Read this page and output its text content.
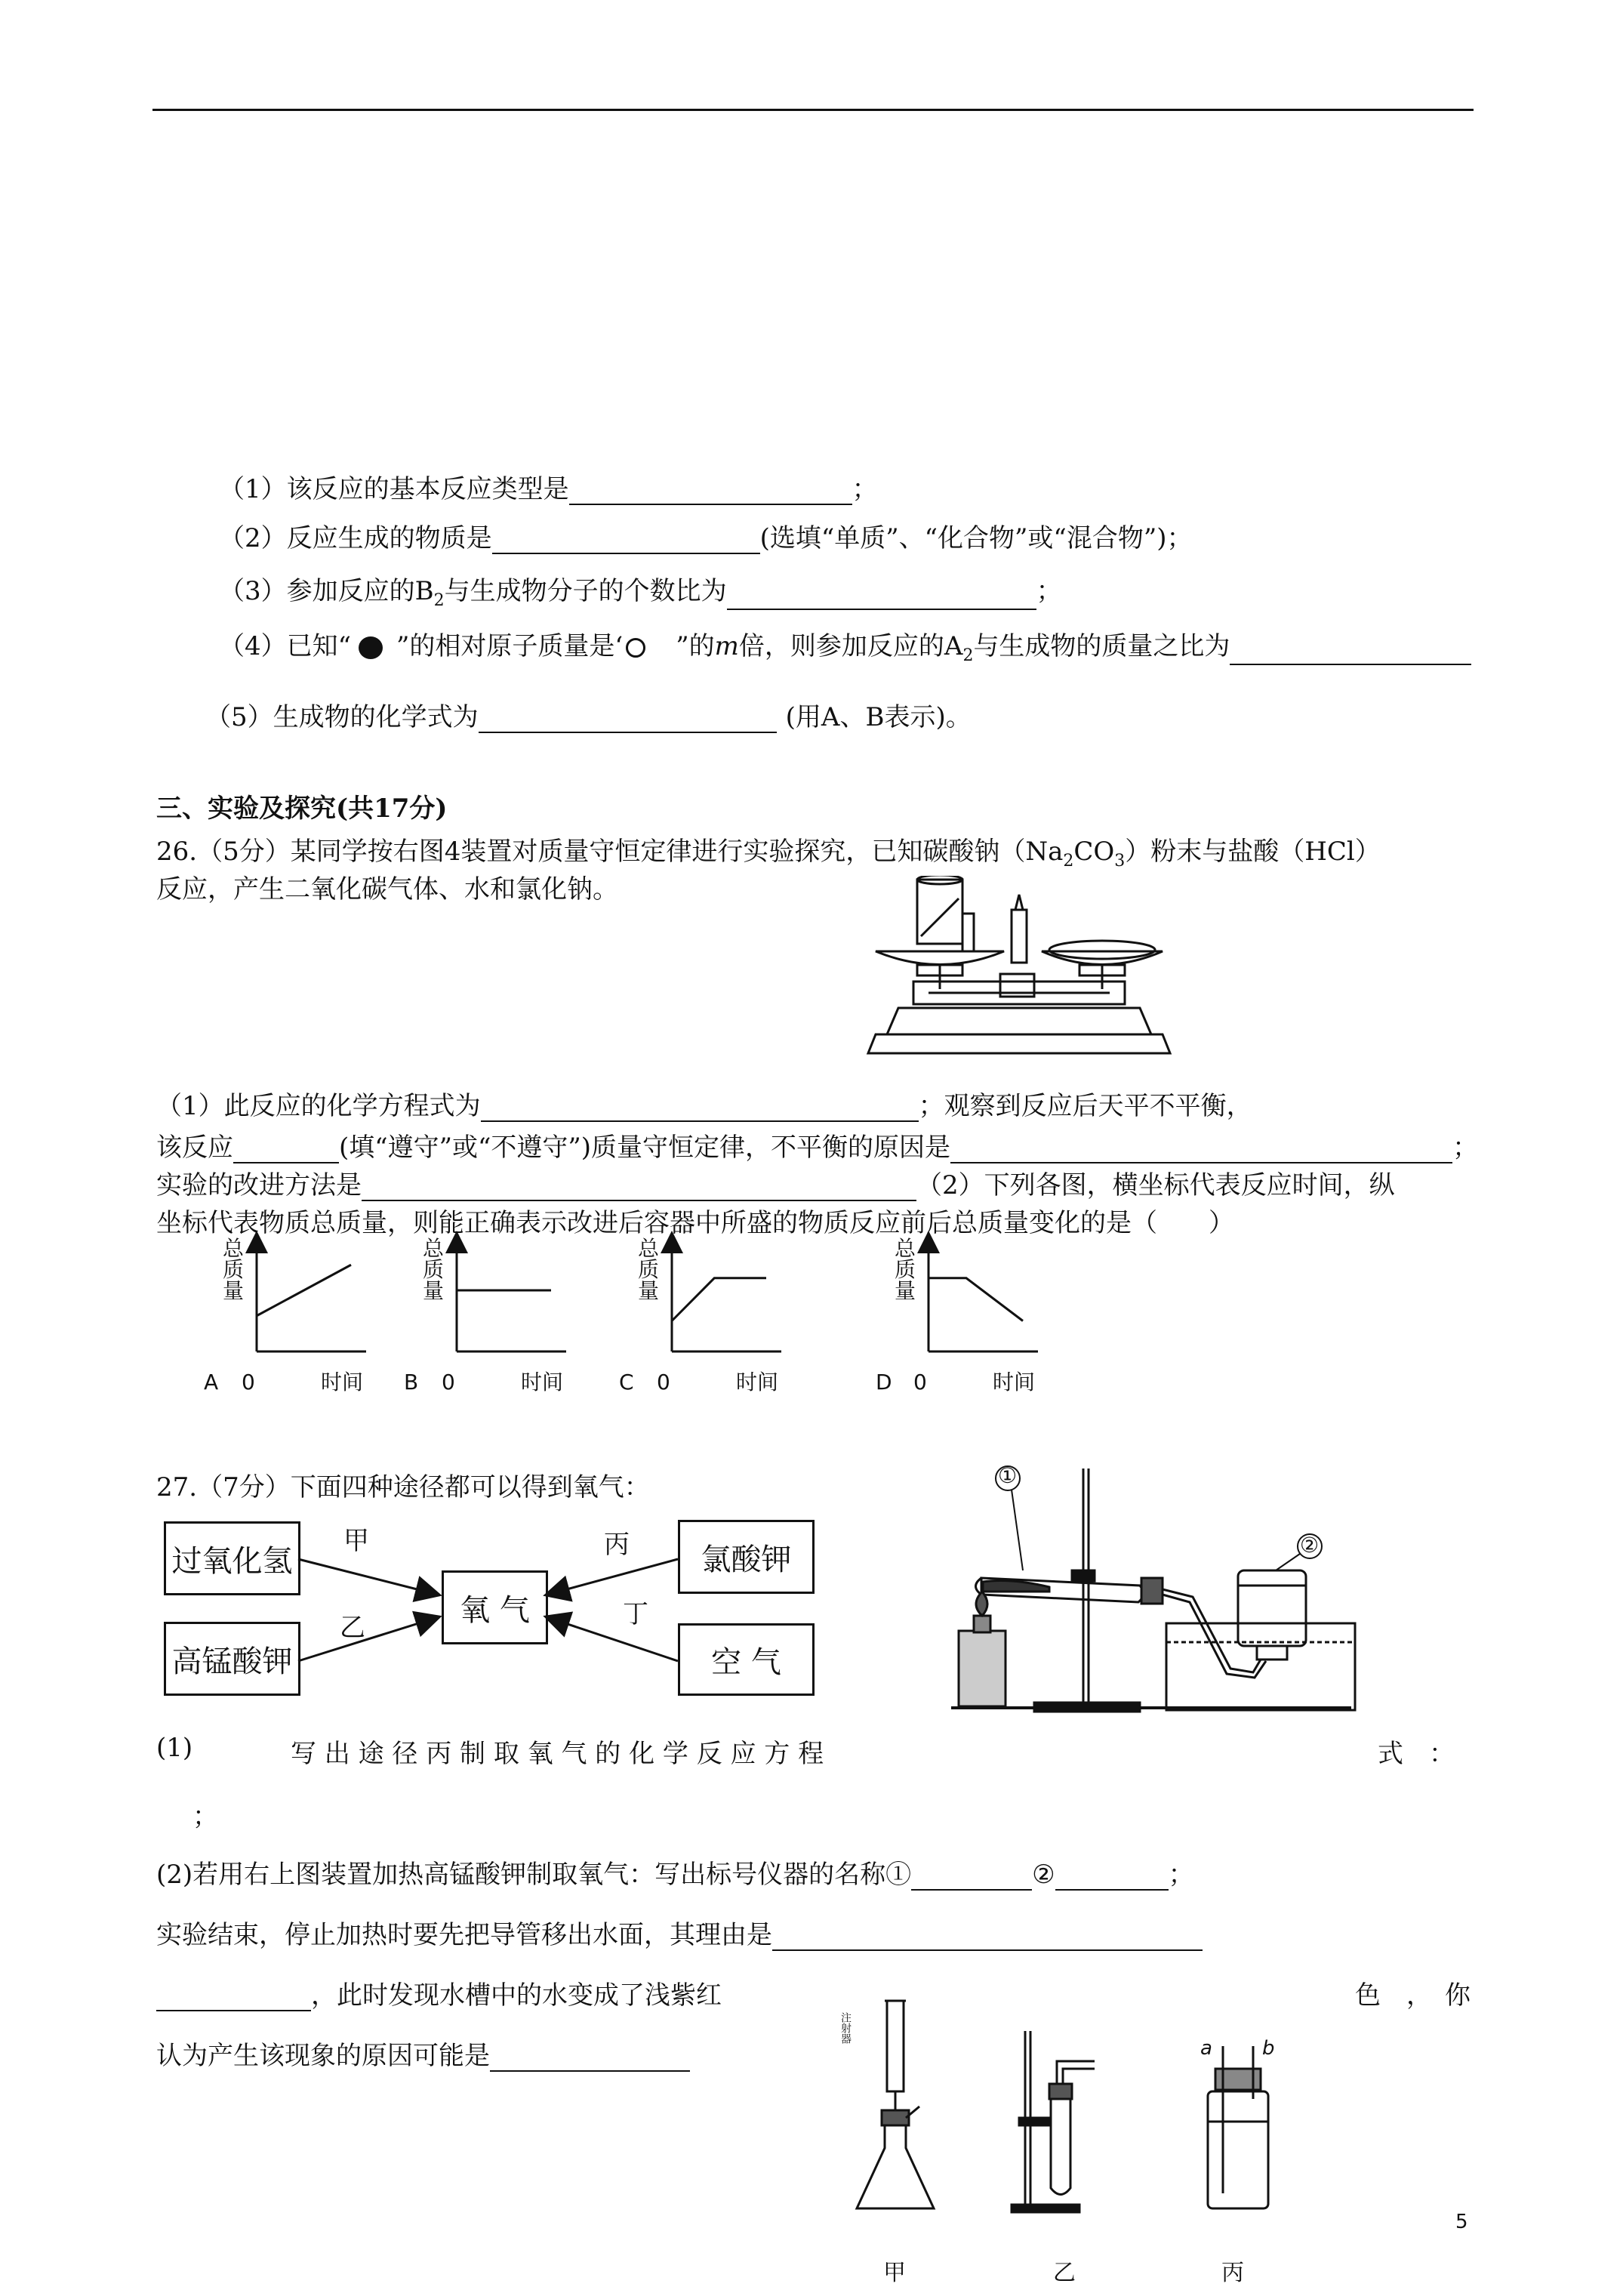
（1）该反应的基本反应类型是	；
（2）反应生成的物质是	(选填“单质”、“化合物”或“混合物”)；
（3）参加反应的$B_2$与生成物分子的个数比为	；
（4）已知“ ”的相对原子质量是‘ ”的m倍，则参加反应的$A_2$与生成物的质量之比为
（5）生成物的化学式为	(用A、B表示)。
三、实验及探究(共17分)
26.（5分）某同学按右图4装置对质量守恒定律进行实验探究，已知碳酸钠$(Na_2CO_3)$粉末与盐酸（HCl）
反应，产生二氧化碳气体、水和氯化钠。
（1）此反应的化学方程式为	；观察到反应后天平不平衡，
该反应	(填“遵守”或“不遵守”)质量守恒定律，不平衡的原因是	；
实验的改进方法是	（2）下列各图，横坐标代表反应时间，纵
坐标代表物质总质量，则能正确表示改进后容器中所盛的物质反应前后总质量变化的是（　　）
总
质
量
A 0	时间
总
质
量
B 0	时间
总
质
量
C 0	时间
总
质
量
D 0	时间
27.（7分）下面四种途径都可以得到氧气：
过氧化氢
高锰酸钾
氧 气
氯酸钾
空 气
甲
乙
丙
丁
①
②
(1)	写 出 途 径 丙 制 取 氧 气 的 化 学 反 应 方 程	式　：
；
(2)若用右上图装置加热高锰酸钾制取氧气：写出标号仪器的名称①	②	；
实验结束，停止加热时要先把导管移出水面，其理由是
，此时发现水槽中的水变成了浅紫红	色　，　你
认为产生该现象的原因可能是
注射器
甲	乙	丙
a	b
5
